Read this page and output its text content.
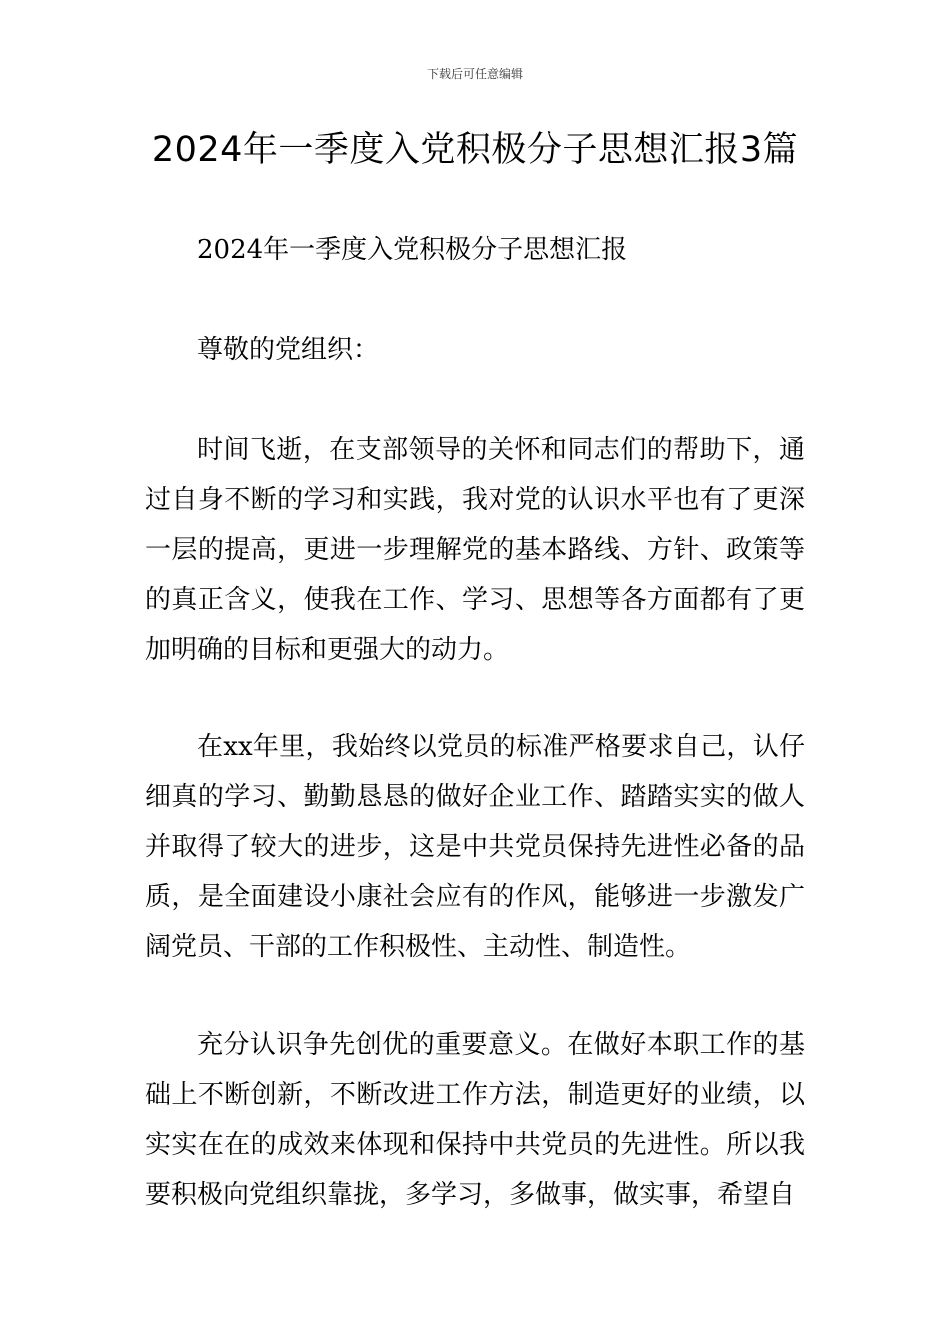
下载后可任意编辑
2024年一季度入党积极分子思想汇报3篇

2024年一季度入党积极分子思想汇报

尊敬的党组织：

时间飞逝，在支部领导的关怀和同志们的帮助下，通过自身不断的学习和实践，我对党的认识水平也有了更深一层的提高，更进一步理解党的基本路线、方针、政策等的真正含义，使我在工作、学习、思想等各方面都有了更加明确的目标和更强大的动力。

在xx年里，我始终以党员的标准严格要求自己，认仔细真的学习、勤勤恳恳的做好企业工作、踏踏实实的做人并取得了较大的进步，这是中共党员保持先进性必备的品质，是全面建设小康社会应有的作风，能够进一步激发广阔党员、干部的工作积极性、主动性、制造性。

充分认识争先创优的重要意义。在做好本职工作的基础上不断创新，不断改进工作方法，制造更好的业绩，以实实在在的成效来体现和保持中共党员的先进性。所以我要积极向党组织靠拢，多学习，多做事，做实事，希望自
